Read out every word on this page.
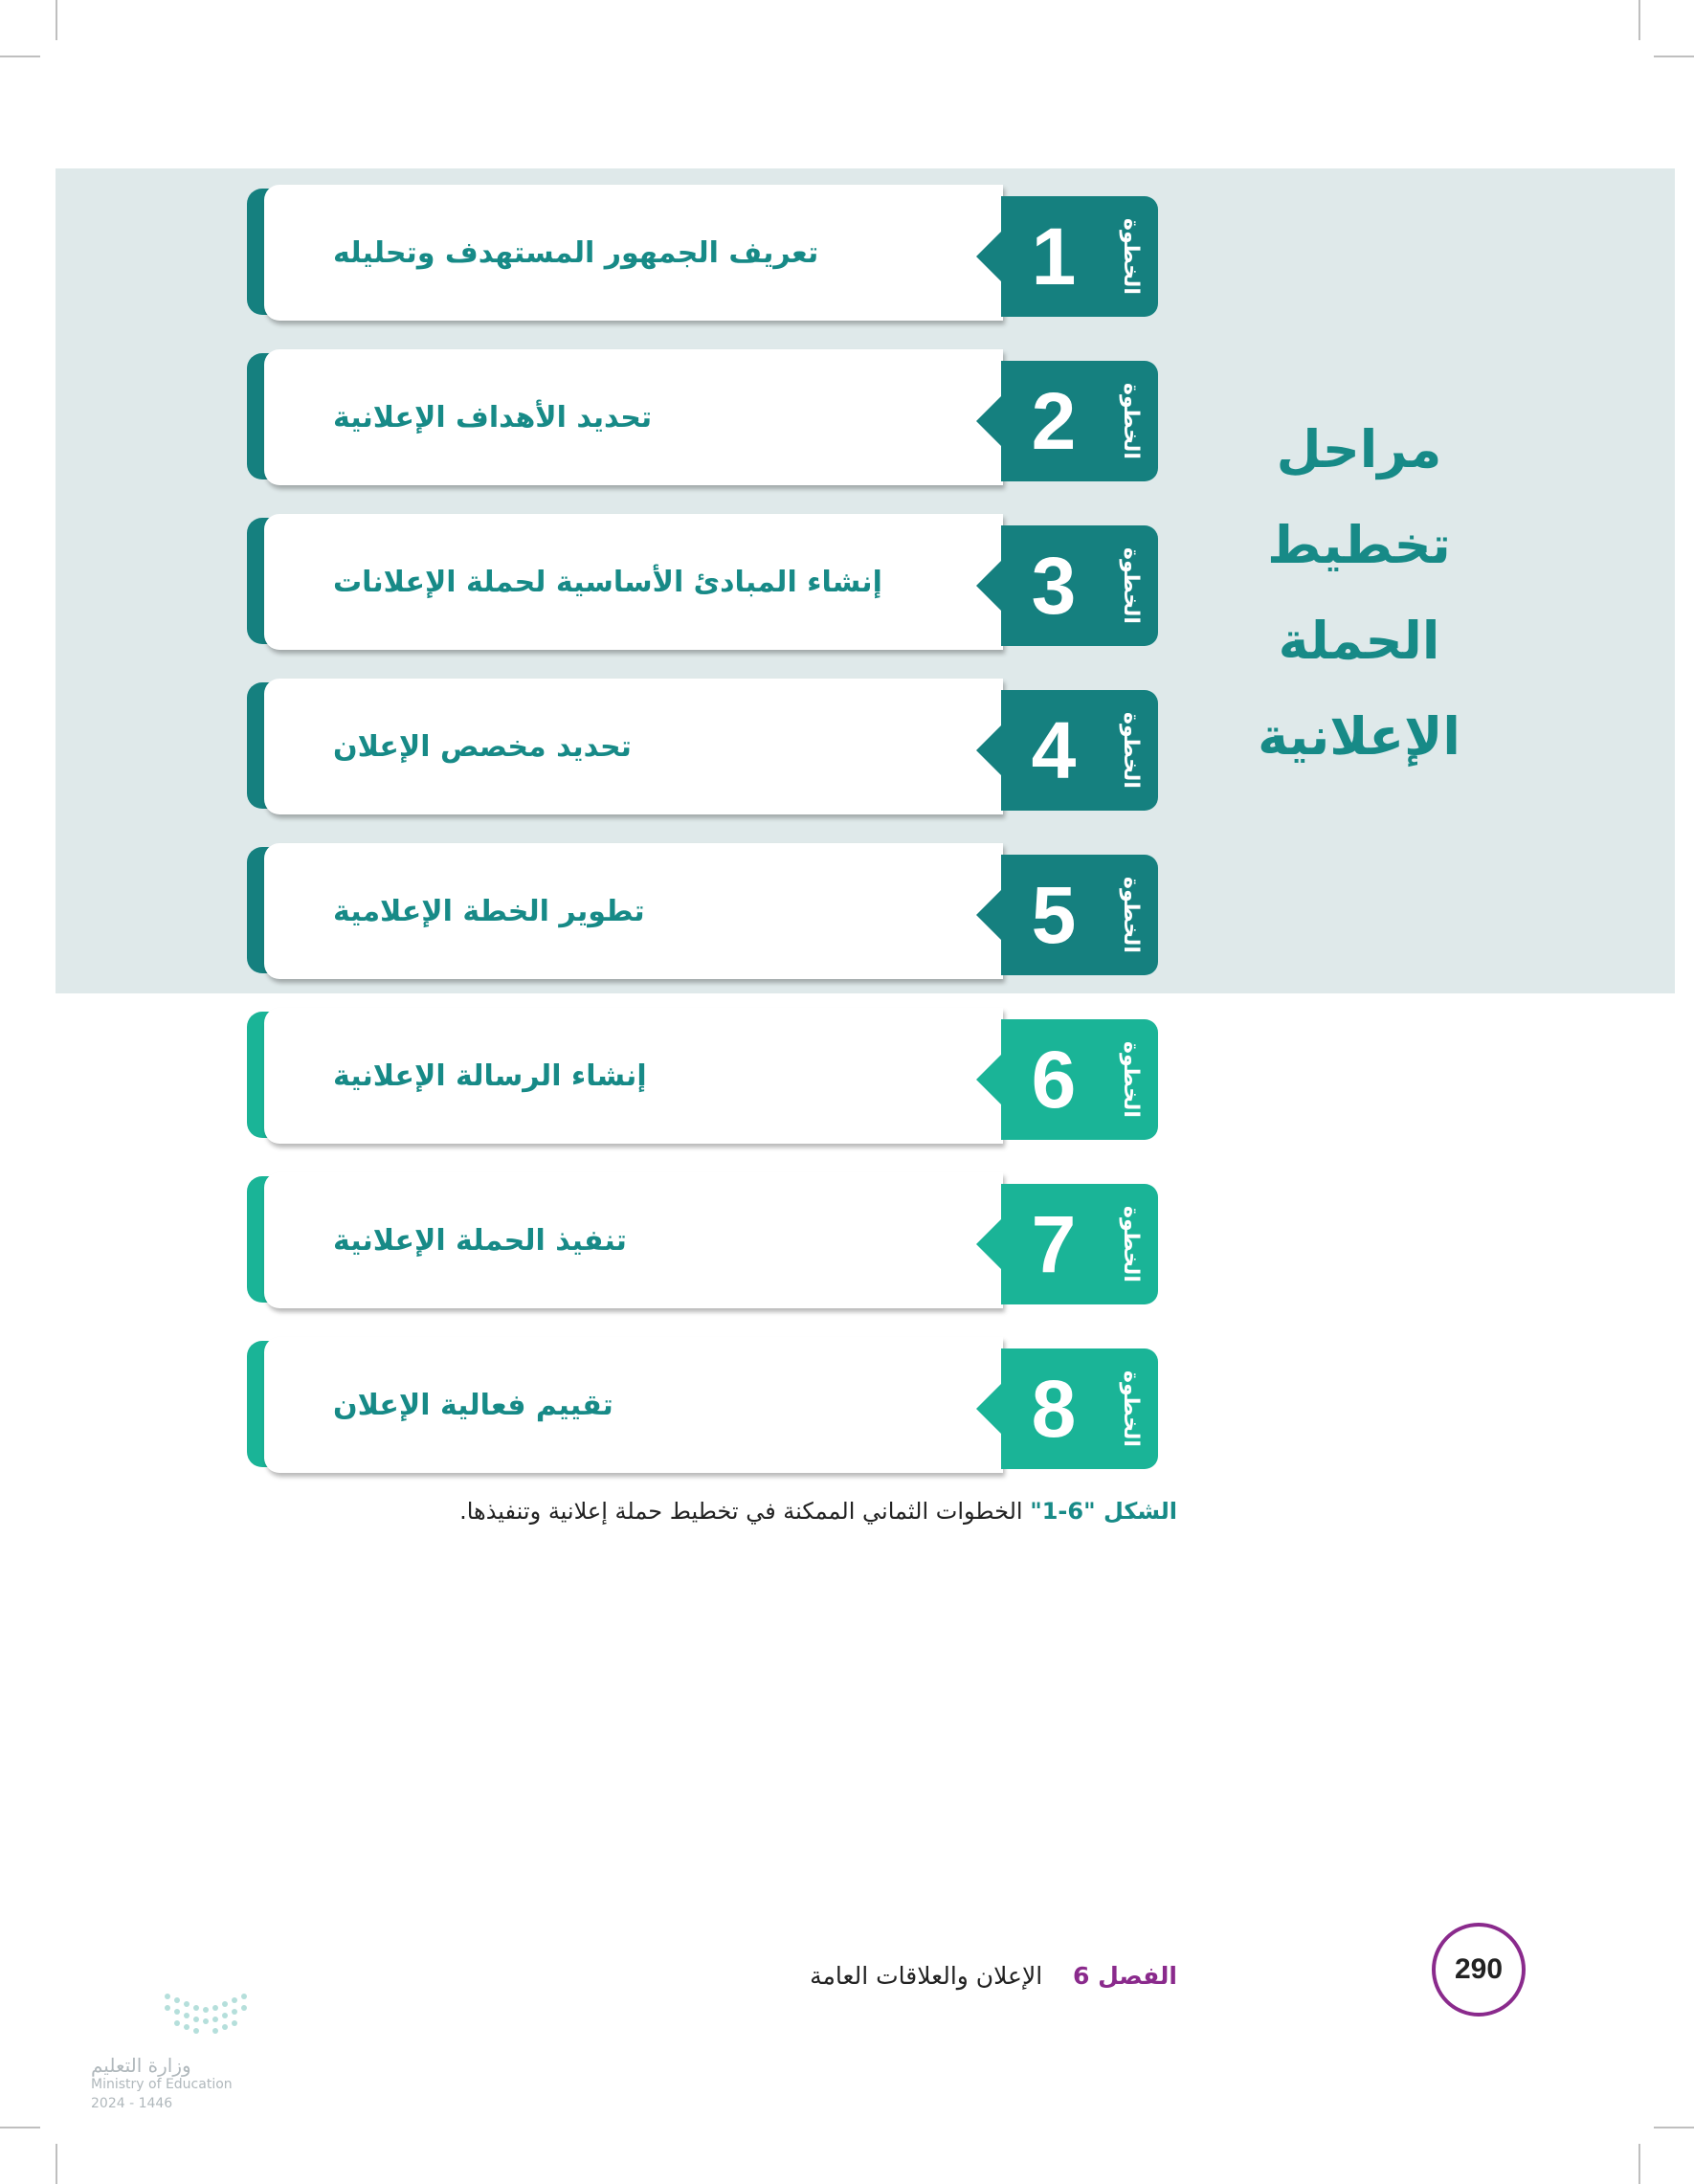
مراحل
تخطيط
الحملة
الإعلانية
تعريف الجمهور المستهدف وتحليله	1	الخطوة
تحديد الأهداف الإعلانية	2	الخطوة
إنشاء المبادئ الأساسية لحملة الإعلانات	3	الخطوة
تحديد مخصص الإعلان	4	الخطوة
تطوير الخطة الإعلامية	5	الخطوة
إنشاء الرسالة الإعلانية	6	الخطوة
تنفيذ الحملة الإعلانية	7	الخطوة
تقييم فعالية الإعلان	8	الخطوة
الشكل "6-1" الخطوات الثماني الممكنة في تخطيط حملة إعلانية وتنفيذها.
الفصل 6    الإعلان والعلاقات العامة	290
وزارة التعليم
Ministry of Education
2024 - 1446
